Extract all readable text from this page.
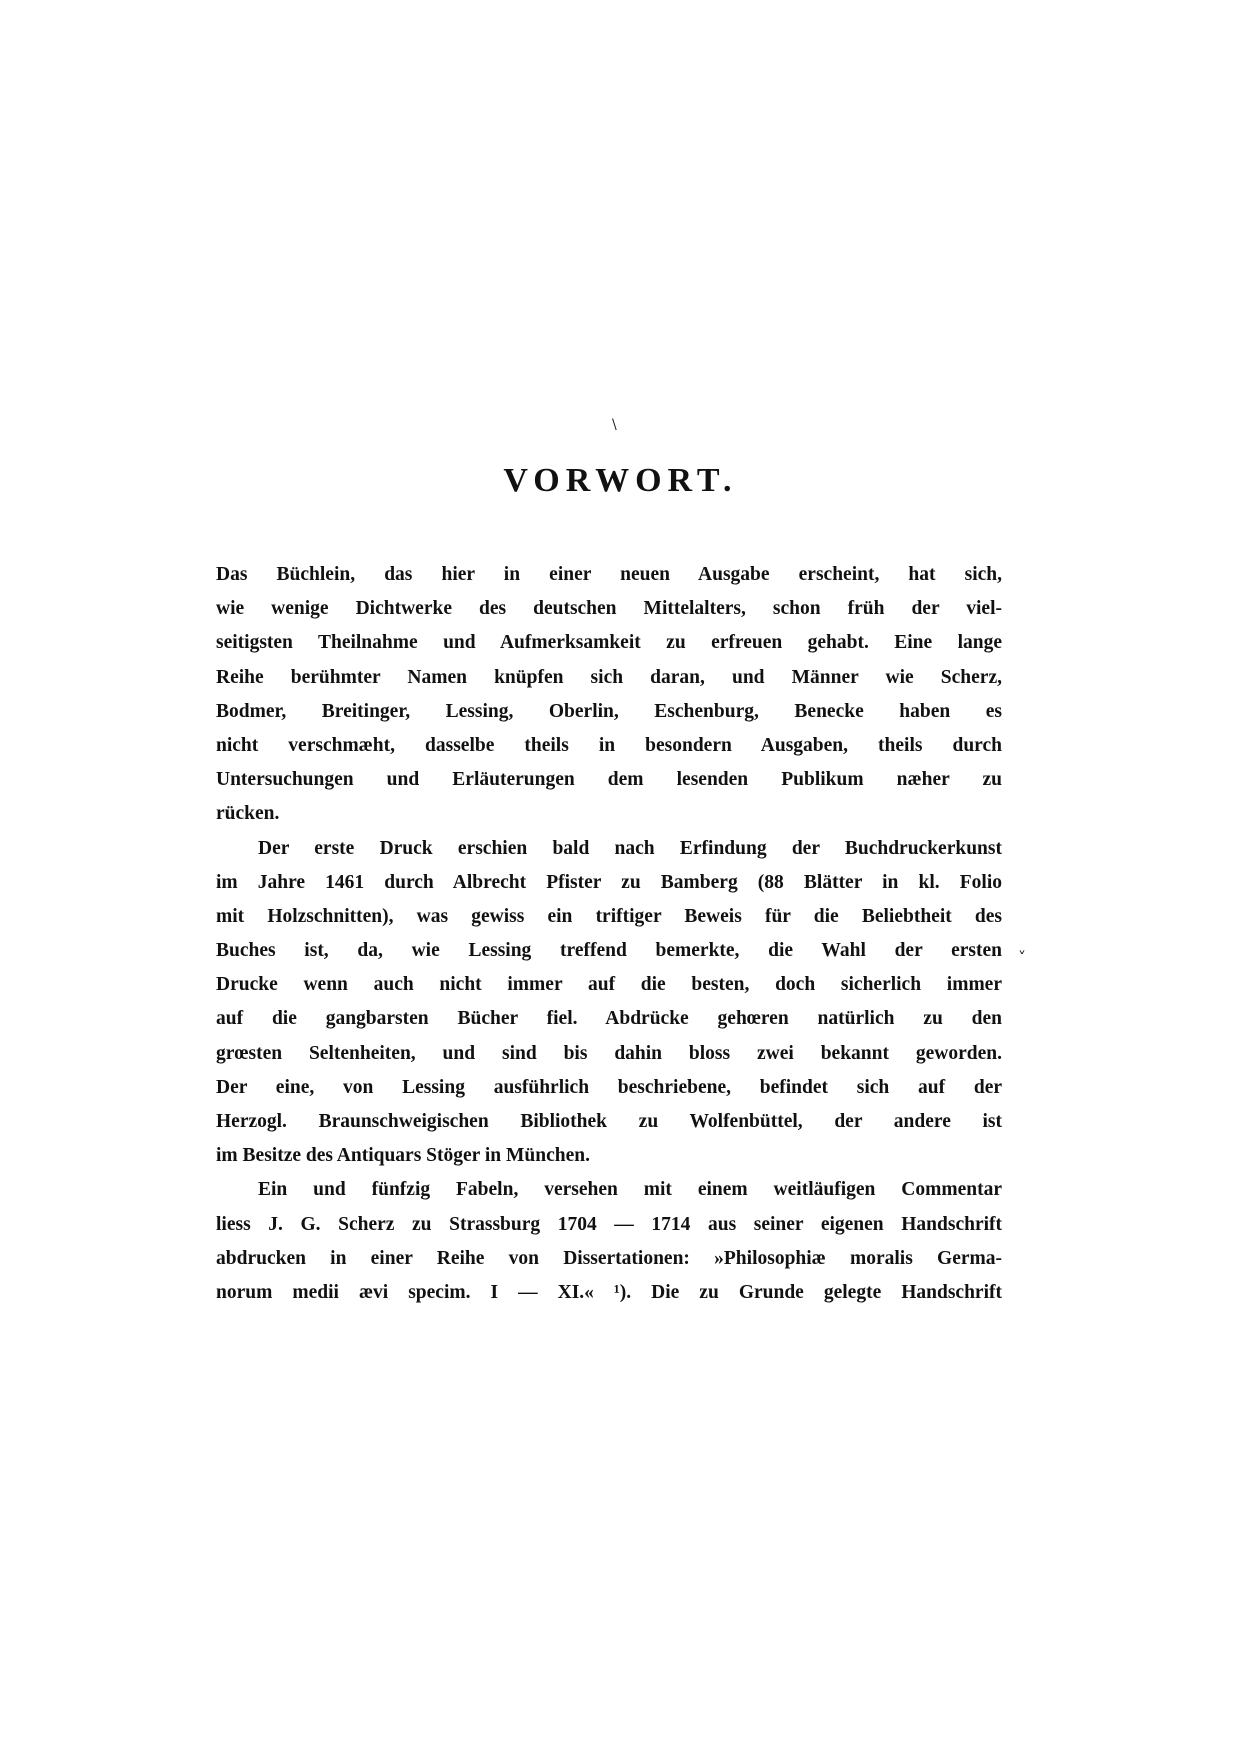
\
VORWORT.
˅
Das Büchlein, das hier in einer neuen Ausgabe erscheint, hat sich,
wie wenige Dichtwerke des deutschen Mittelalters, schon früh der viel-
seitigsten Theilnahme und Aufmerksamkeit zu erfreuen gehabt. Eine lange
Reihe berühmter Namen knüpfen sich daran, und Männer wie Scherz,
Bodmer, Breitinger, Lessing, Oberlin, Eschenburg, Benecke haben es
nicht verschmæht, dasselbe theils in besondern Ausgaben, theils durch
Untersuchungen und Erläuterungen dem lesenden Publikum næher zu
rücken.
Der erste Druck erschien bald nach Erfindung der Buchdruckerkunst
im Jahre 1461 durch Albrecht Pfister zu Bamberg (88 Blätter in kl. Folio
mit Holzschnitten), was gewiss ein triftiger Beweis für die Beliebtheit des
Buches ist, da, wie Lessing treffend bemerkte, die Wahl der ersten
Drucke wenn auch nicht immer auf die besten, doch sicherlich immer
auf die gangbarsten Bücher fiel. Abdrücke gehœren natürlich zu den
grœsten Seltenheiten, und sind bis dahin bloss zwei bekannt geworden.
Der eine, von Lessing ausführlich beschriebene, befindet sich auf der
Herzogl. Braunschweigischen Bibliothek zu Wolfenbüttel, der andere ist
im Besitze des Antiquars Stöger in München.
Ein und fünfzig Fabeln, versehen mit einem weitläufigen Commentar
liess J. G. Scherz zu Strassburg 1704 — 1714 aus seiner eigenen Handschrift
abdrucken in einer Reihe von Dissertationen: »Philosophiæ moralis Germa-
norum medii ævi specim. I — XI.« ¹). Die zu Grunde gelegte Handschrift
